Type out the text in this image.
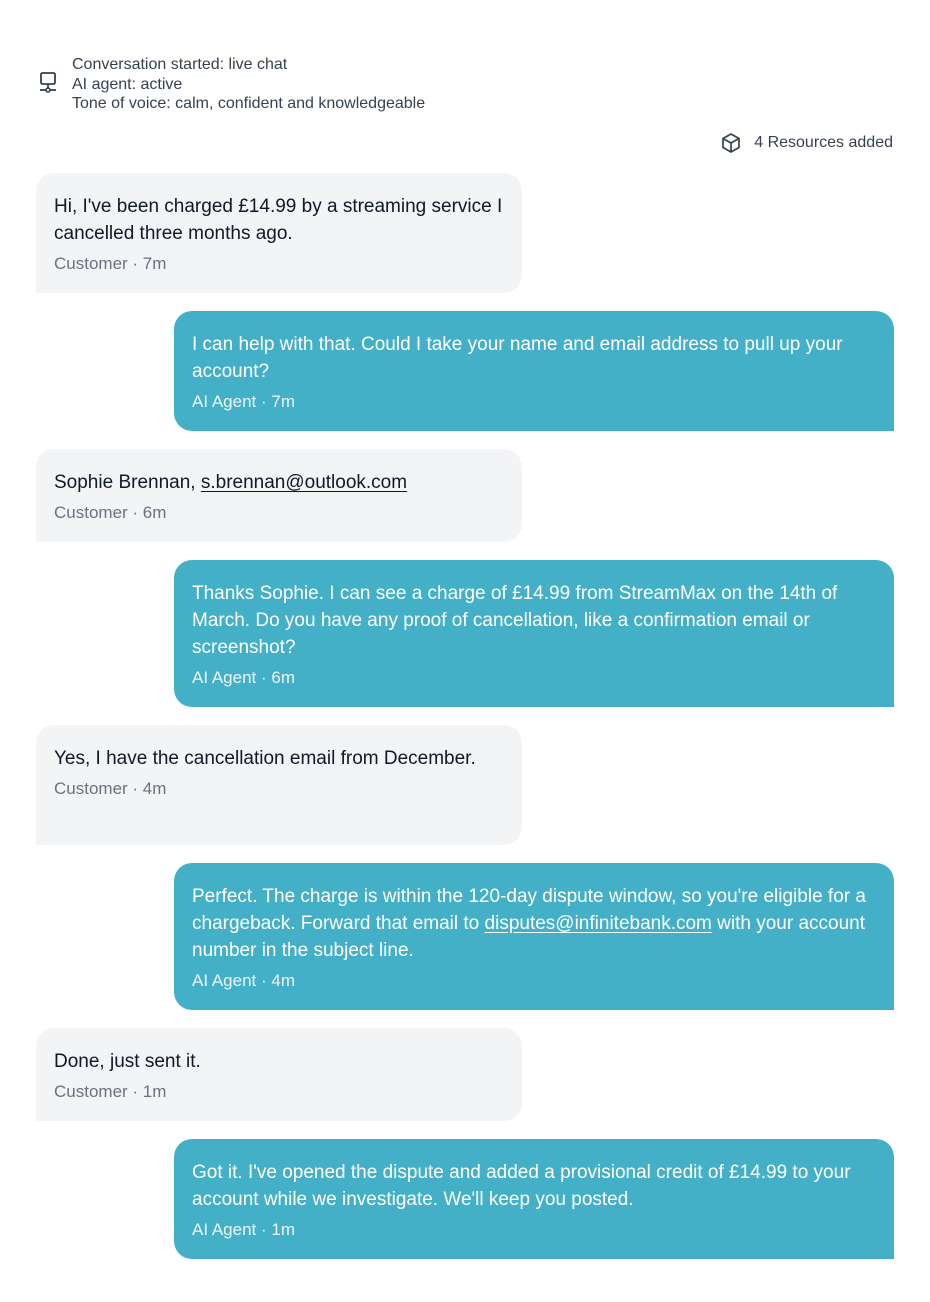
Conversation started: live chat
AI agent: active
Tone of voice: calm, confident and knowledgeable
4 Resources added
Hi, I've been charged £14.99 by a streaming service I cancelled three months ago.
Customer · 7m
I can help with that. Could I take your name and email address to pull up your account?
AI Agent · 7m
Sophie Brennan, s.brennan@outlook.com
Customer · 6m
Thanks Sophie. I can see a charge of £14.99 from StreamMax on the 14th of March. Do you have any proof of cancellation, like a confirmation email or screenshot?
AI Agent · 6m
Yes, I have the cancellation email from December.
Customer · 4m
Perfect. The charge is within the 120-day dispute window, so you're eligible for a chargeback. Forward that email to disputes@infinitebank.com with your account number in the subject line.
AI Agent · 4m
Done, just sent it.
Customer · 1m
Got it. I've opened the dispute and added a provisional credit of £14.99 to your account while we investigate. We'll keep you posted.
AI Agent · 1m
